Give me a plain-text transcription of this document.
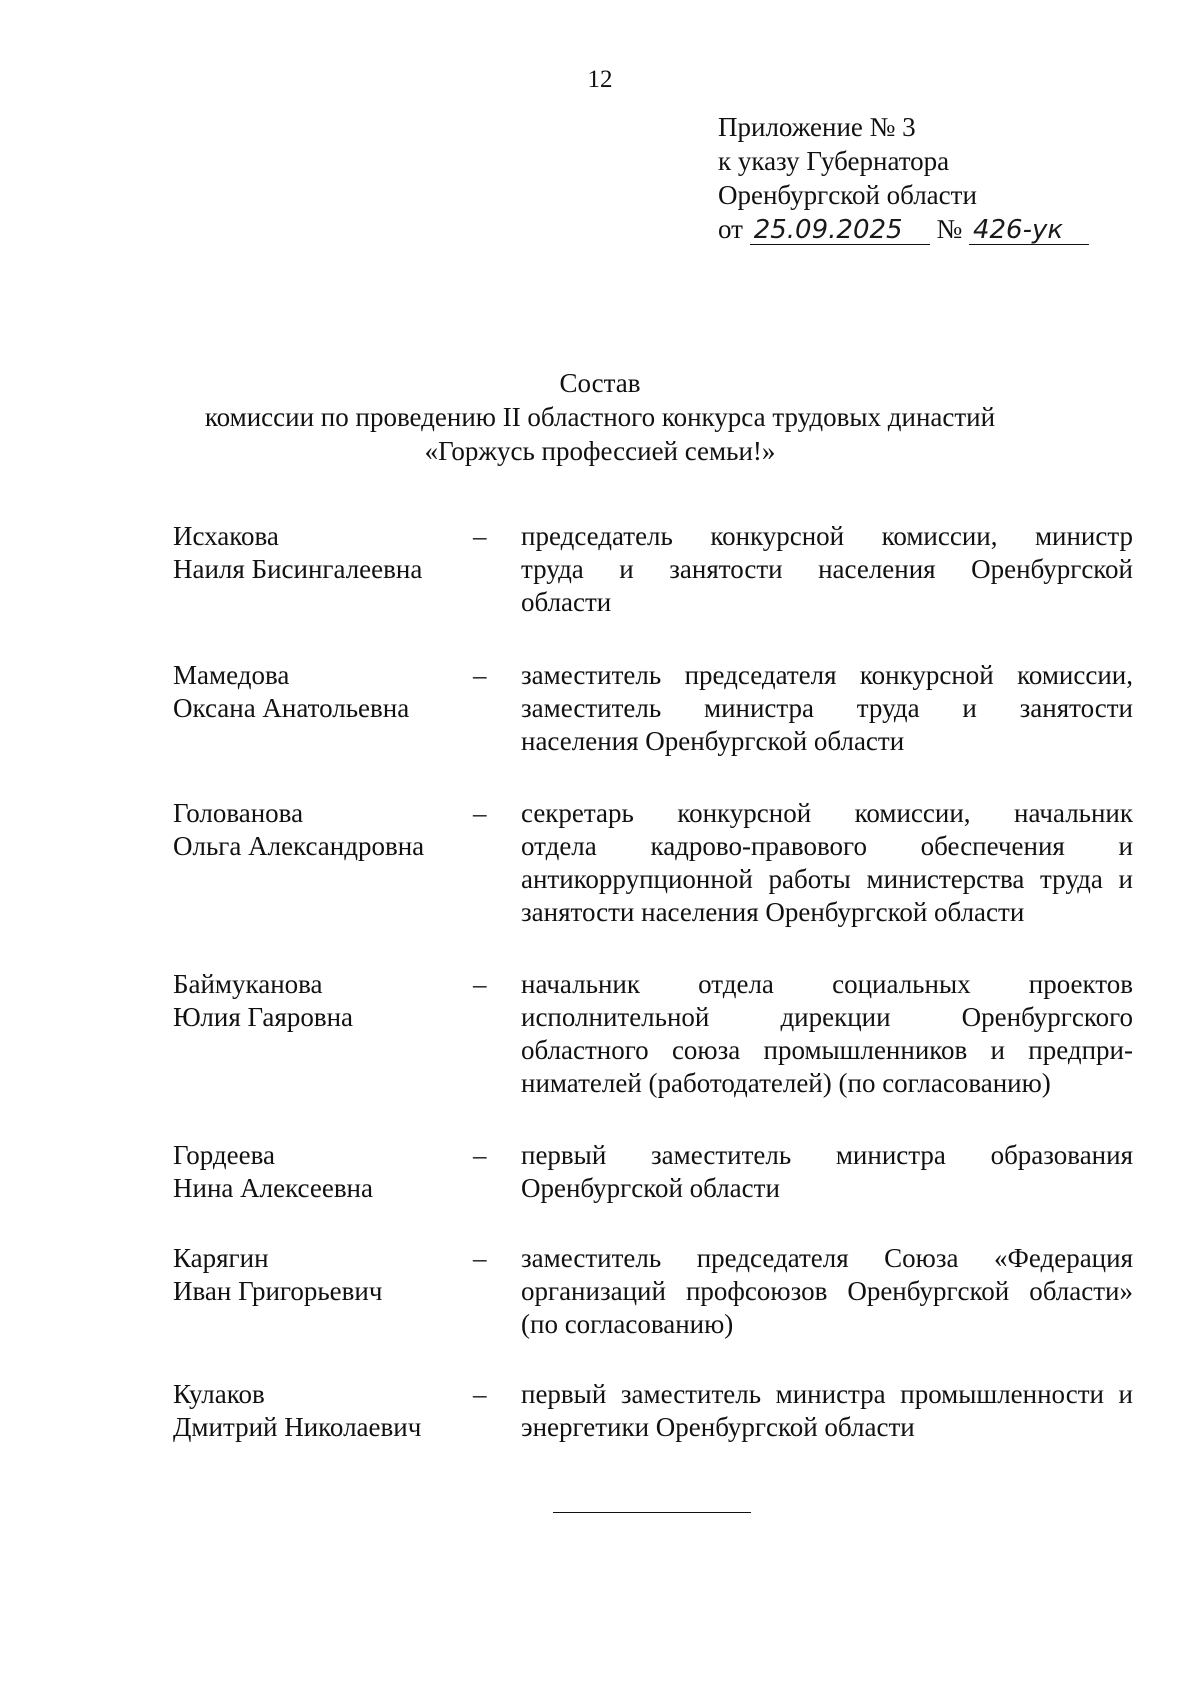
12
Приложение № 3
к указу Губернатора
Оренбургской области
от 25.09.2025 № 426-ук
Состав
комиссии по проведению II областного конкурса трудовых династий
«Горжусь профессией семьи!»
Исхакова
Наиля Бисингалеевна
–	председатель конкурсной комиссии, министр
труда и занятости населения Оренбургской
области
Мамедова
Оксана Анатольевна
–	заместитель председателя конкурсной комиссии,
заместитель министра труда и занятости
населения Оренбургской области
Голованова
Ольга Александровна
–	секретарь конкурсной комиссии, начальник
отдела кадрово-правового обеспечения и
антикоррупционной работы министерства труда и
занятости населения Оренбургской области
Баймуканова
Юлия Гаяровна
–	начальник отдела социальных проектов
исполнительной дирекции Оренбургского
областного союза промышленников и предпри-
нимателей (работодателей) (по согласованию)
Гордеева
Нина Алексеевна
–	первый заместитель министра образования
Оренбургской области
Карягин
Иван Григорьевич
–	заместитель председателя Союза «Федерация
организаций профсоюзов Оренбургской области»
(по согласованию)
Кулаков
Дмитрий Николаевич
–	первый заместитель министра промышленности и
энергетики Оренбургской области
